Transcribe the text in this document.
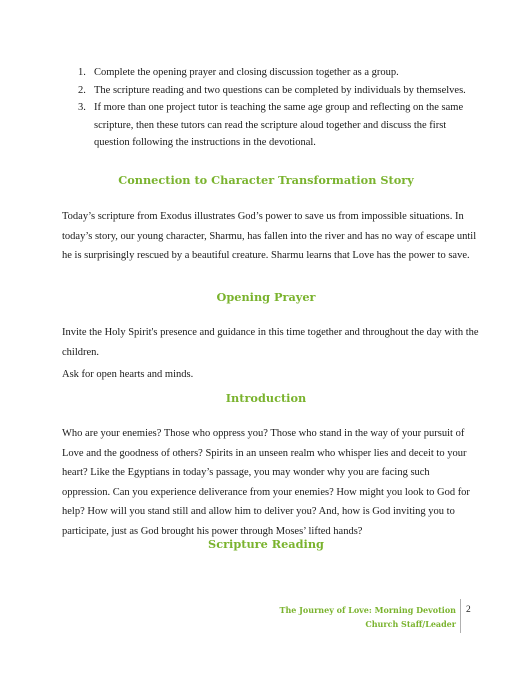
1. Complete the opening prayer and closing discussion together as a group.
2. The scripture reading and two questions can be completed by individuals by themselves.
3. If more than one project tutor is teaching the same age group and reflecting on the same scripture, then these tutors can read the scripture aloud together and discuss the first question following the instructions in the devotional.
Connection to Character Transformation Story

Today’s scripture from Exodus illustrates God’s power to save us from impossible situations. In today’s story, our young character, Sharmu, has fallen into the river and has no way of escape until he is surprisingly rescued by a beautiful creature. Sharmu learns that Love has the power to save.

Opening Prayer

Invite the Holy Spirit's presence and guidance in this time together and throughout the day with the children.

Ask for open hearts and minds.

Introduction

Who are your enemies? Those who oppress you? Those who stand in the way of your pursuit of Love and the goodness of others? Spirits in an unseen realm who whisper lies and deceit to your heart? Like the Egyptians in today’s passage, you may wonder why you are facing such oppression. Can you experience deliverance from your enemies? How might you look to God for help? How will you stand still and allow him to deliver you? And, how is God inviting you to participate, just as God brought his power through Moses’ lifted hands?

Scripture Reading
The Journey of Love: Morning Devotion
Church Staff/Leader
2
